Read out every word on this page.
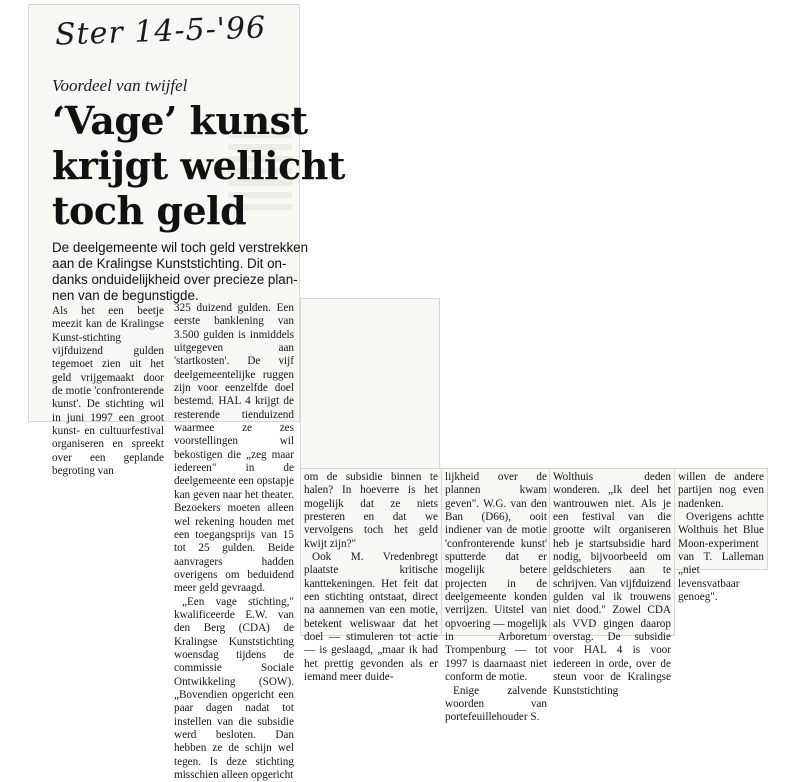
Ster 14-5-'96
Voordeel van twijfel
‘Vage’ kunst
krijgt wellicht
toch geld
De deelgemeente wil toch geld verstrekken
aan de Kralingse Kunststichting. Dit on-
danks onduidelijkheid over precieze plan-
nen van de begunstigde.

Als het een beetje meezit kan de Kralingse Kunst-stichting vijfduizend gulden tegemoet zien uit het geld vrijgemaakt door de motie 'confronterende kunst'. De stichting wil in juni 1997 een groot kunst- en cultuurfestival organiseren en spreekt over een geplande begroting van

325 duizend gulden. Een eerste banklening van 3.500 gulden is inmiddels uitgegeven aan 'startkosten'. De vijf deelgemeentelijke ruggen zijn voor eenzelfde doel bestemd. HAL 4 krijgt de resterende tienduizend waarmee ze zes voorstellingen wil bekostigen die „zeg maar iedereen" in de deelgemeente een opstapje kan geven naar het theater. Bezoekers moeten alleen wel rekening houden met een toegangsprijs van 15 tot 25 gulden. Beide aanvragers hadden overigens om beduidend meer geld gevraagd.

„Een vage stichting," kwalificeerde E.W. van den Berg (CDA) de Kralingse Kunststichting woensdag tijdens de commissie Sociale Ontwikkeling (SOW). „Bovendien opgericht een paar dagen nadat tot instellen van die subsidie werd besloten. Dan hebben ze de schijn wel tegen. Is deze stichting misschien alleen opgericht

om de subsidie binnen te halen? In hoeverre is het mogelijk dat ze niets presteren en dat we vervolgens toch het geld kwijt zijn?"

Ook M. Vredenbregt plaatste kritische kanttekeningen. Het feit dat een stichting ontstaat, direct na aannemen van een motie, betekent weliswaar dat het doel — stimuleren tot actie — is geslaagd, „maar ik had het prettig gevonden als er iemand meer duide-

lijkheid over de plannen kwam geven". W.G. van den Ban (D66), ooit indiener van de motie 'confronterende kunst' sputterde dat er mogelijk betere projecten in de deelgemeente konden verrijzen. Uitstel van opvoering — mogelijk in Arboretum Trompenburg — tot 1997 is daarnaast niet conform de motie.

Enige zalvende woorden van portefeuillehouder S.

Wolthuis deden wonderen. „Ik deel het wantrouwen niet. Als je een festival van die grootte wilt organiseren heb je startsubsidie hard nodig, bijvoorbeeld om geldschieters aan te schrijven. Van vijfduizend gulden val ik trouwens niet dood." Zowel CDA als VVD gingen daarop overstag. De subsidie voor HAL 4 is voor iedereen in orde, over de steun voor de Kralingse Kunststichting

willen de andere partijen nog even nadenken.

Overigens achtte Wolthuis het Blue Moon-experiment van T. Lalleman „niet levensvatbaar genoeg".
